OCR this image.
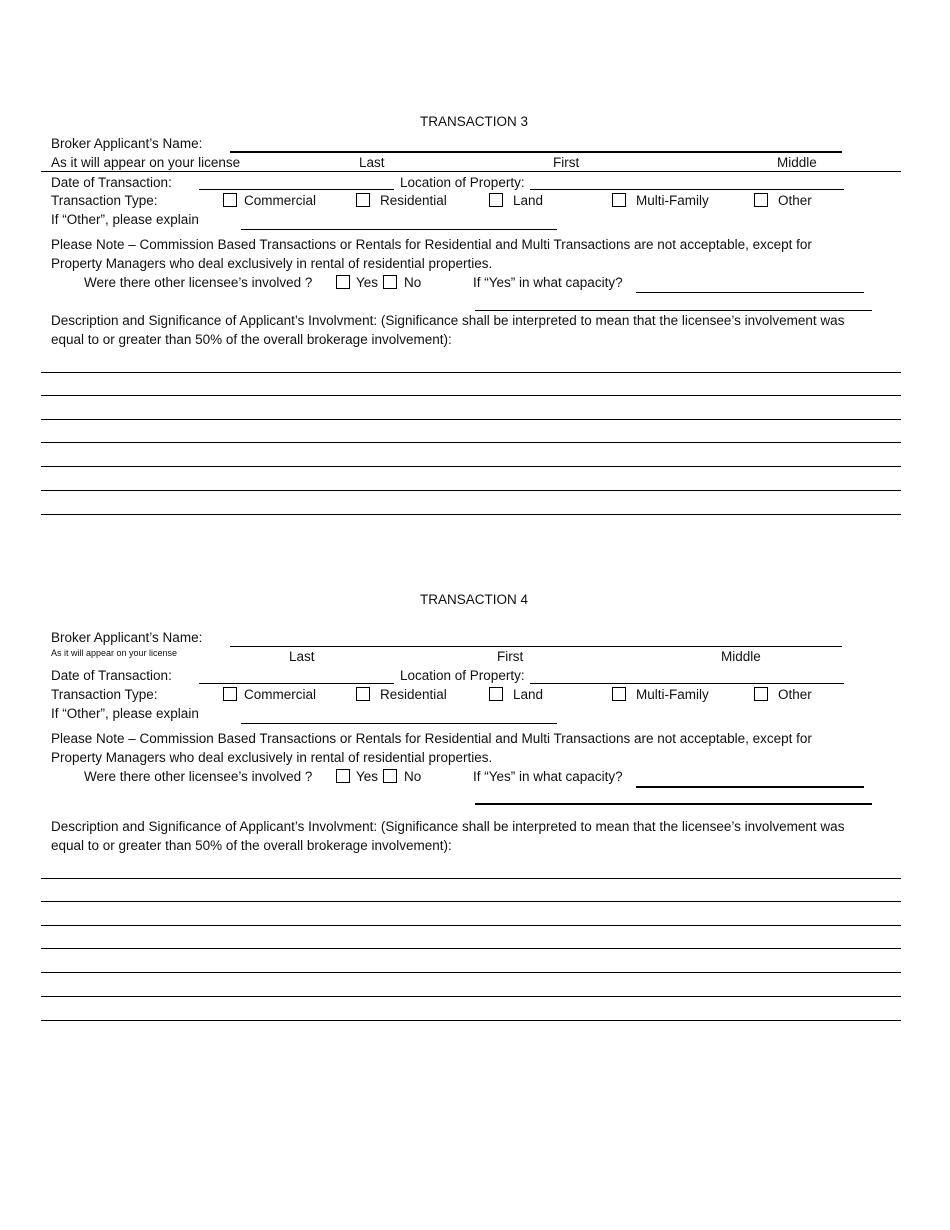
TRANSACTION 3
Broker Applicant’s Name:
As it will appear on your license	Last	First	Middle
Date of Transaction:	Location of Property:
Transaction Type:	Commercial	Residential	Land	Multi-Family	Other
If “Other”, please explain
Please Note – Commission Based Transactions or Rentals for Residential and Multi Transactions are not acceptable, except for
Property Managers who deal exclusively in rental of residential properties.
Were there other licensee’s involved ?	Yes No	If “Yes” in what capacity?
Description and Significance of Applicant’s Involvment: (Significance shall be interpreted to mean that the licensee’s involvement was
equal to or greater than 50% of the overall brokerage involvement):
TRANSACTION 4
Broker Applicant’s Name:
As it will appear on your license	Last	First	Middle
Date of Transaction:	Location of Property:
Transaction Type:	Commercial	Residential	Land	Multi-Family	Other
If “Other”, please explain
Please Note – Commission Based Transactions or Rentals for Residential and Multi Transactions are not acceptable, except for
Property Managers who deal exclusively in rental of residential properties.
Were there other licensee’s involved ?	Yes No	If “Yes” in what capacity?
Description and Significance of Applicant’s Involvment: (Significance shall be interpreted to mean that the licensee’s involvement was
equal to or greater than 50% of the overall brokerage involvement):
